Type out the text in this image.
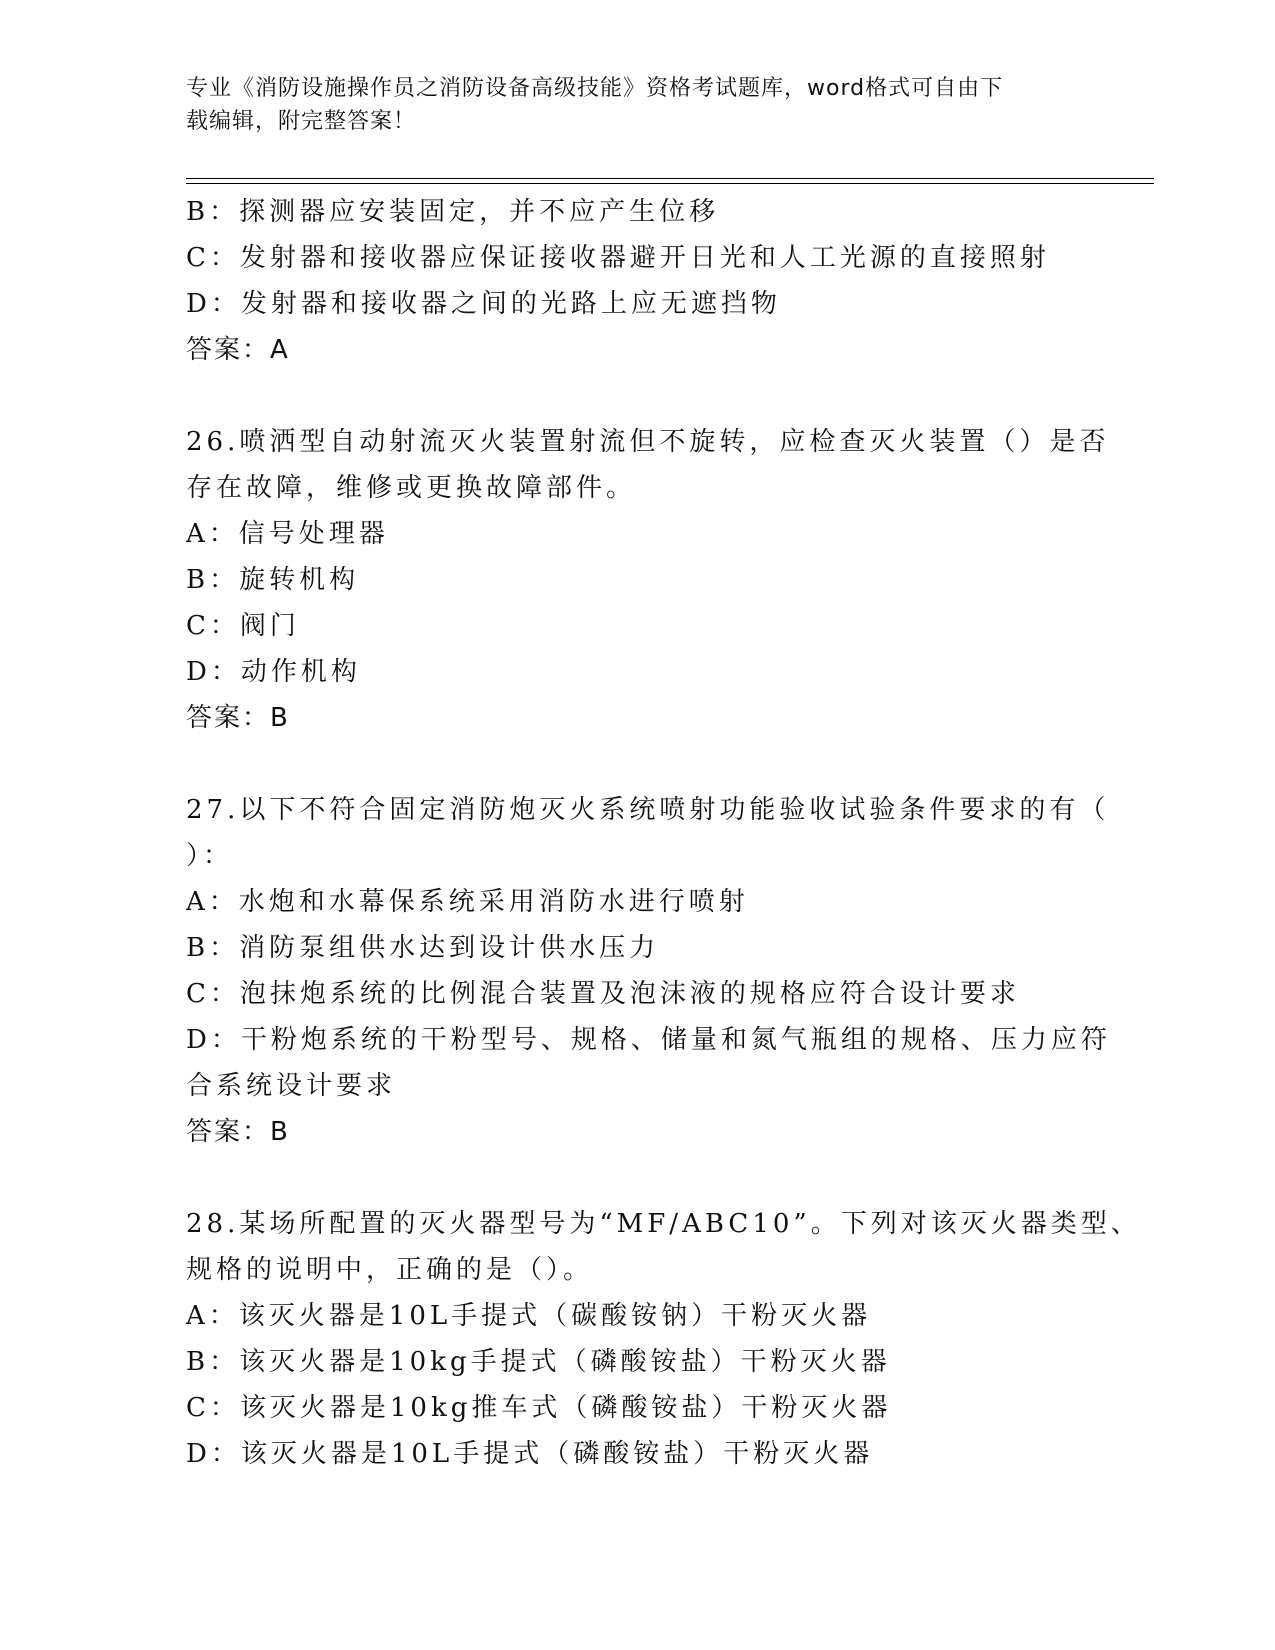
专业《消防设施操作员之消防设备高级技能》资格考试题库，word格式可自由下
载编辑，附完整答案！
B：探测器应安装固定，并不应产生位移
C：发射器和接收器应保证接收器避开日光和人工光源的直接照射
D：发射器和接收器之间的光路上应无遮挡物
答案：A
26.喷洒型自动射流灭火装置射流但不旋转，应检查灭火装置（）是否
存在故障，维修或更换故障部件。
A：信号处理器
B：旋转机构
C：阀门
D：动作机构
答案：B
27.以下不符合固定消防炮灭火系统喷射功能验收试验条件要求的有（
）：
A：水炮和水幕保系统采用消防水进行喷射
B：消防泵组供水达到设计供水压力
C：泡抹炮系统的比例混合装置及泡沫液的规格应符合设计要求
D：干粉炮系统的干粉型号、规格、储量和氮气瓶组的规格、压力应符
合系统设计要求
答案：B
28.某场所配置的灭火器型号为“MF/ABC10”。下列对该灭火器类型、
规格的说明中，正确的是（）。
A：该灭火器是10L手提式（碳酸铵钠）干粉灭火器
B：该灭火器是10kg手提式（磷酸铵盐）干粉灭火器
C：该灭火器是10kg推车式（磷酸铵盐）干粉灭火器
D：该灭火器是10L手提式（磷酸铵盐）干粉灭火器
